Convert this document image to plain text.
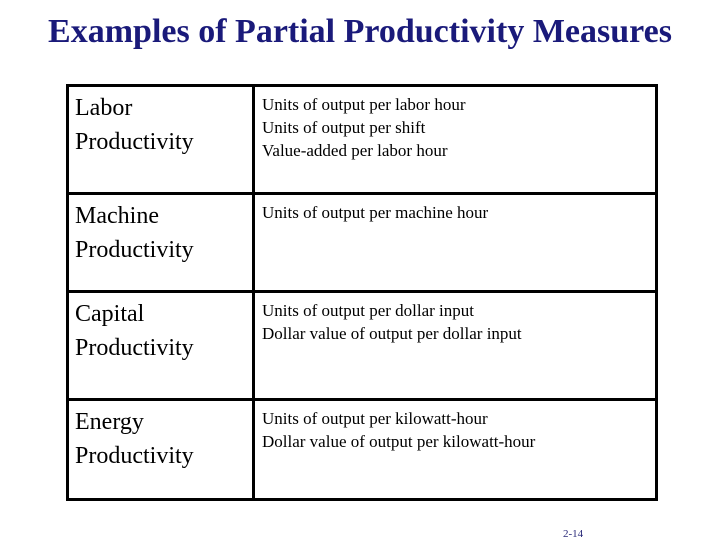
Examples of Partial Productivity Measures
Labor
Productivity	Units of output per labor hour
Units of output per shift
Value-added per labor hour

Machine
Productivity	Units of output per machine hour

Capital
Productivity	Units of output per dollar input
Dollar value of output per dollar input

Energy
Productivity	Units of output per kilowatt-hour
Dollar value of output per kilowatt-hour
2-14
